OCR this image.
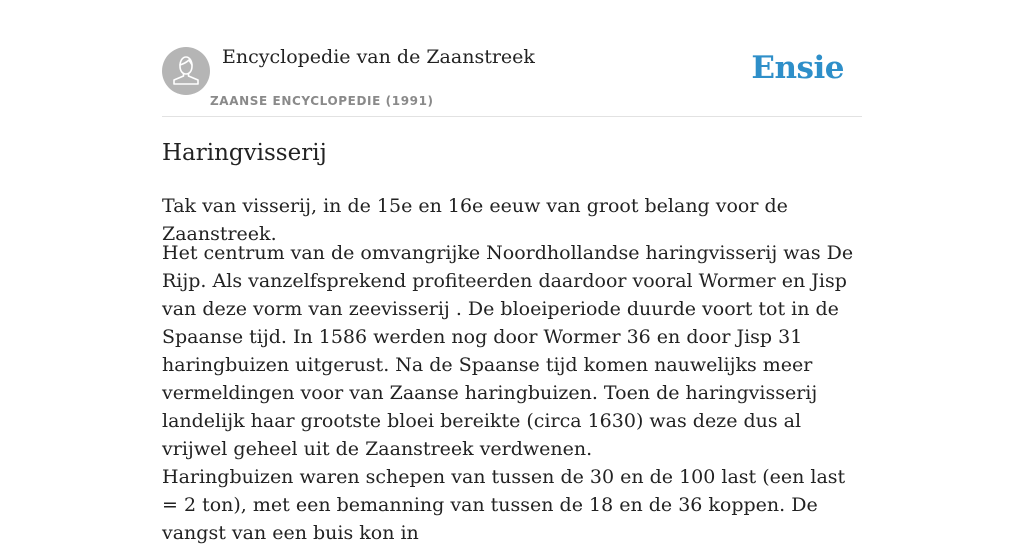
Encyclopedie van de Zaanstreek
ZAANSE ENCYCLOPEDIE (1991)
Ensie
Haringvisserij

Tak van visserij, in de 15e en 16e eeuw van groot belang voor de Zaanstreek.

Het centrum van de omvangrijke Noordhollandse haringvisserij was De Rijp. Als vanzelfsprekend profiteerden daardoor vooral Wormer en Jisp van deze vorm van zeevisserij . De bloeiperiode duurde voort tot in de Spaanse tijd. In 1586 werden nog door Wormer 36 en door Jisp 31 haringbuizen uitgerust. Na de Spaanse tijd komen nauwelijks meer vermeldingen voor van Zaanse haringbuizen. Toen de haringvisserij landelijk haar grootste bloei bereikte (circa 1630) was deze dus al vrijwel geheel uit de Zaanstreek verdwenen.

Haringbuizen waren schepen van tussen de 30 en de 100 last (een last = 2 ton), met een bemanning van tussen de 18 en de 36 koppen. De vangst van een buis kon in
